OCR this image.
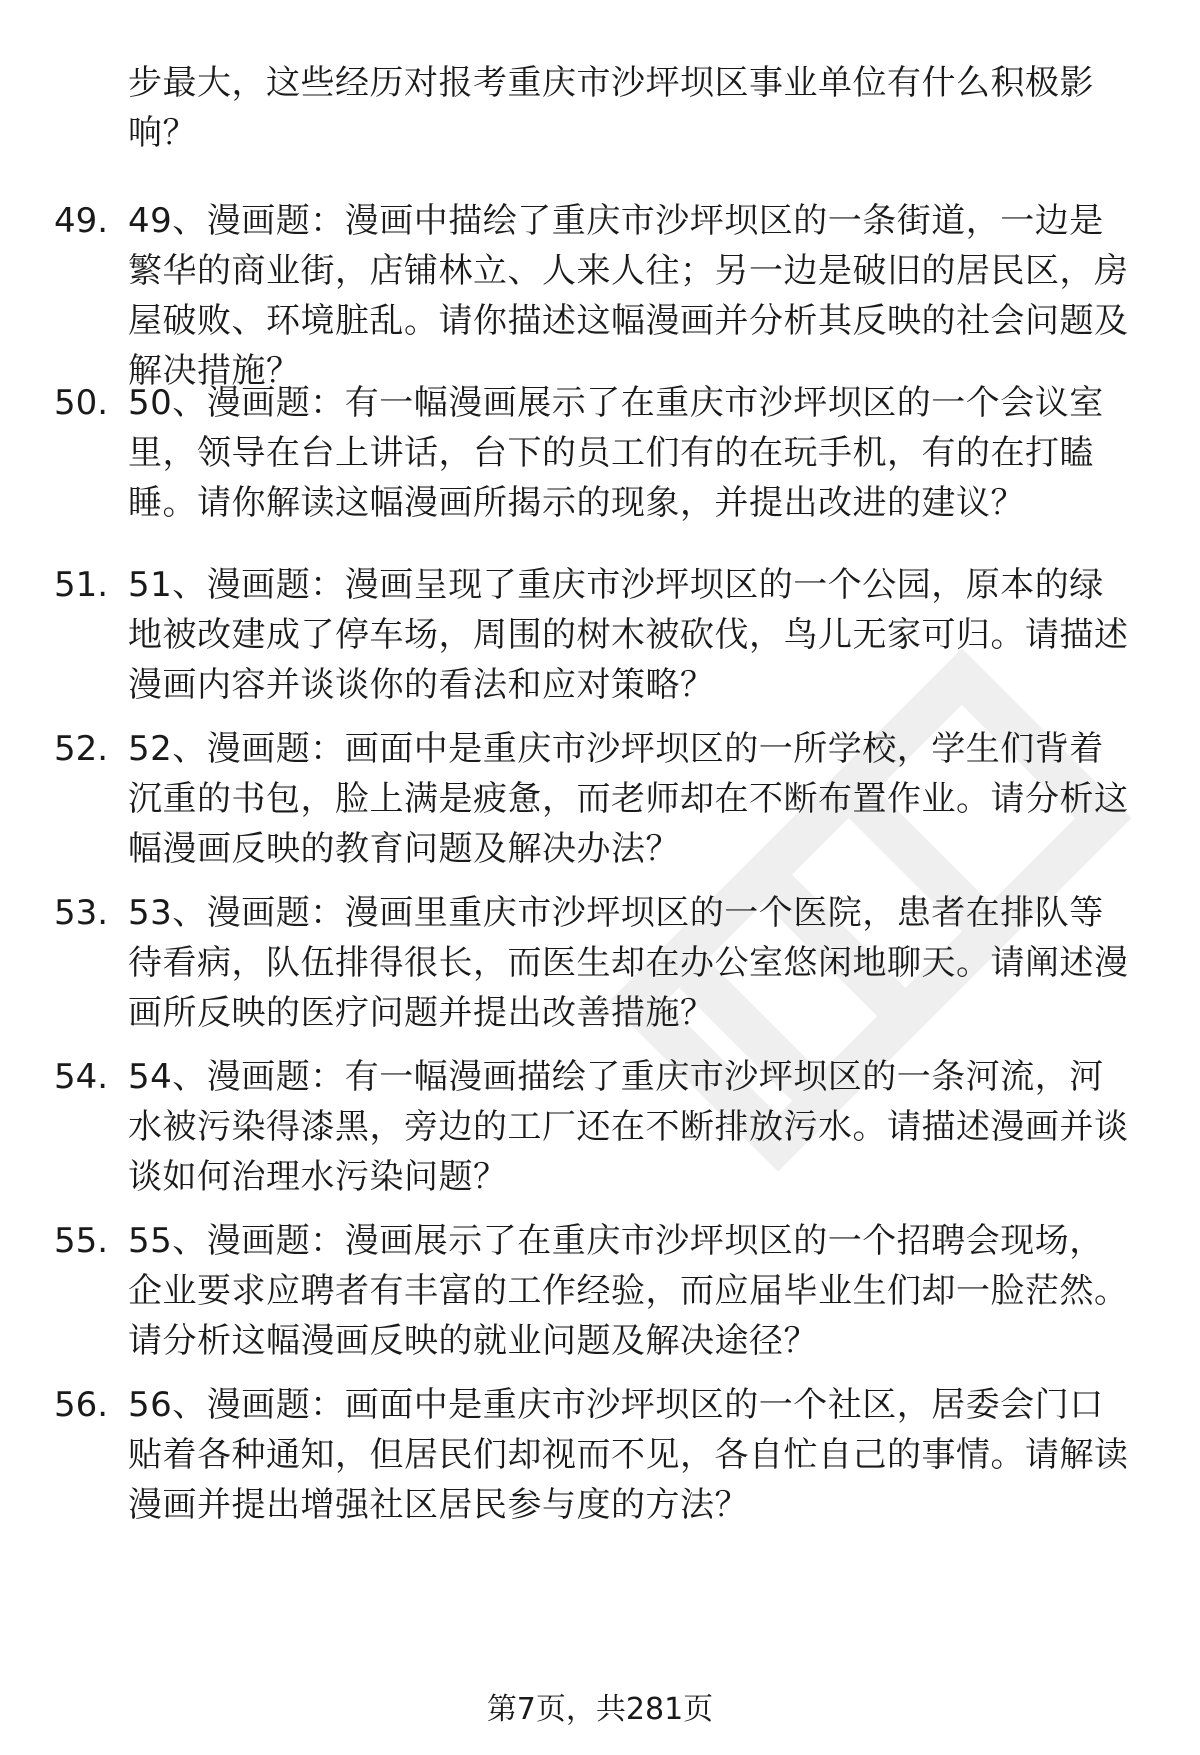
步最大，这些经历对报考重庆市沙坪坝区事业单位有什么积极影响？
49. 49、漫画题：漫画中描绘了重庆市沙坪坝区的一条街道，一边是繁华的商业街，店铺林立、人来人往；另一边是破旧的居民区，房屋破败、环境脏乱。请你描述这幅漫画并分析其反映的社会问题及解决措施？
50. 50、漫画题：有一幅漫画展示了在重庆市沙坪坝区的一个会议室里，领导在台上讲话，台下的员工们有的在玩手机，有的在打瞌睡。请你解读这幅漫画所揭示的现象，并提出改进的建议？
51. 51、漫画题：漫画呈现了重庆市沙坪坝区的一个公园，原本的绿地被改建成了停车场，周围的树木被砍伐，鸟儿无家可归。请描述漫画内容并谈谈你的看法和应对策略？
52. 52、漫画题：画面中是重庆市沙坪坝区的一所学校，学生们背着沉重的书包，脸上满是疲惫，而老师却在不断布置作业。请分析这幅漫画反映的教育问题及解决办法？
53. 53、漫画题：漫画里重庆市沙坪坝区的一个医院，患者在排队等待看病，队伍排得很长，而医生却在办公室悠闲地聊天。请阐述漫画所反映的医疗问题并提出改善措施？
54. 54、漫画题：有一幅漫画描绘了重庆市沙坪坝区的一条河流，河水被污染得漆黑，旁边的工厂还在不断排放污水。请描述漫画并谈谈如何治理水污染问题？
55. 55、漫画题：漫画展示了在重庆市沙坪坝区的一个招聘会现场，企业要求应聘者有丰富的工作经验，而应届毕业生们却一脸茫然。请分析这幅漫画反映的就业问题及解决途径？
56. 56、漫画题：画面中是重庆市沙坪坝区的一个社区，居委会门口贴着各种通知，但居民们却视而不见，各自忙自己的事情。请解读漫画并提出增强社区居民参与度的方法？
第7页，共281页
